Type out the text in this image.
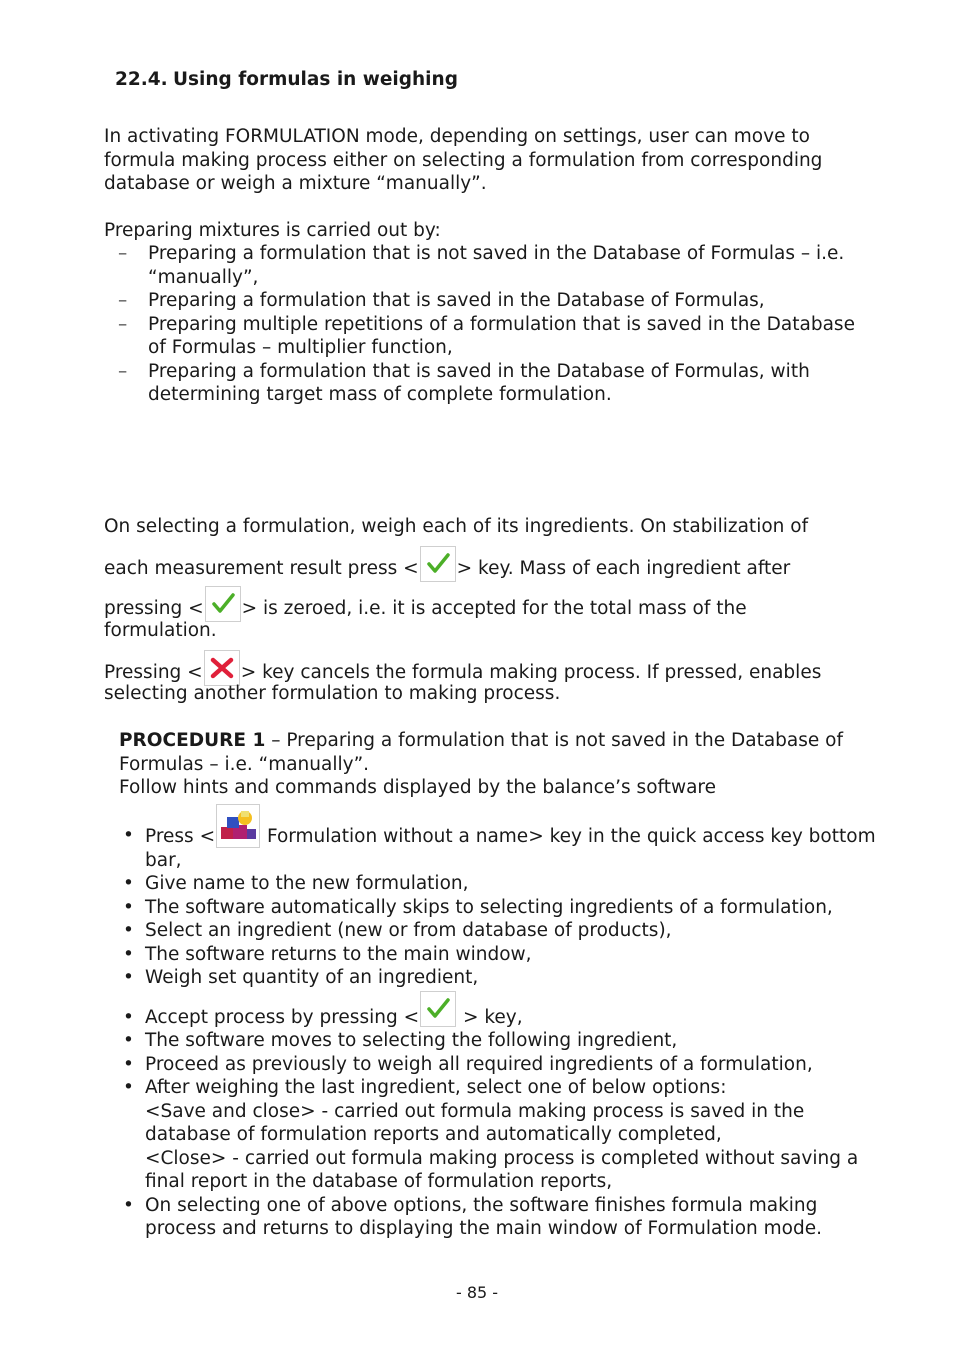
22.4. Using formulas in weighing
In activating FORMULATION mode, depending on settings, user can move to formula making process either on selecting a formulation from corresponding database or weigh a mixture “manually”.
Preparing mixtures is carried out by:
– Preparing a formulation that is not saved in the Database of Formulas – i.e. “manually”,
– Preparing a formulation that is saved in the Database of Formulas,
– Preparing multiple repetitions of a formulation that is saved in the Database of Formulas – multiplier function,
– Preparing a formulation that is saved in the Database of Formulas, with determining target mass of complete formulation.
On selecting a formulation, weigh each of its ingredients. On stabilization of
each measurement result press < > key. Mass of each ingredient after
pressing < > is zeroed, i.e. it is accepted for the total mass of the
formulation.
Pressing < > key cancels the formula making process. If pressed, enables
selecting another formulation to making process.
PROCEDURE 1 – Preparing a formulation that is not saved in the Database of Formulas – i.e. “manually”.
Follow hints and commands displayed by the balance’s software
• Press <
Formulation without a name> key in the quick access key bottom bar,
• Give name to the new formulation,
• The software automatically skips to selecting ingredients of a formulation,
• Select an ingredient (new or from database of products),
• The software returns to the main window,
• Weigh set quantity of an ingredient,
• Accept process by pressing <
> key,
• The software moves to selecting the following ingredient,
• Proceed as previously to weigh all required ingredients of a formulation,
• After weighing the last ingredient, select one of below options:
<Save and close> - carried out formula making process is saved in the database of formulation reports and automatically completed,
<Close> - carried out formula making process is completed without saving a final report in the database of formulation reports,
• On selecting one of above options, the software finishes formula making process and returns to displaying the main window of Formulation mode.
- 85 -
